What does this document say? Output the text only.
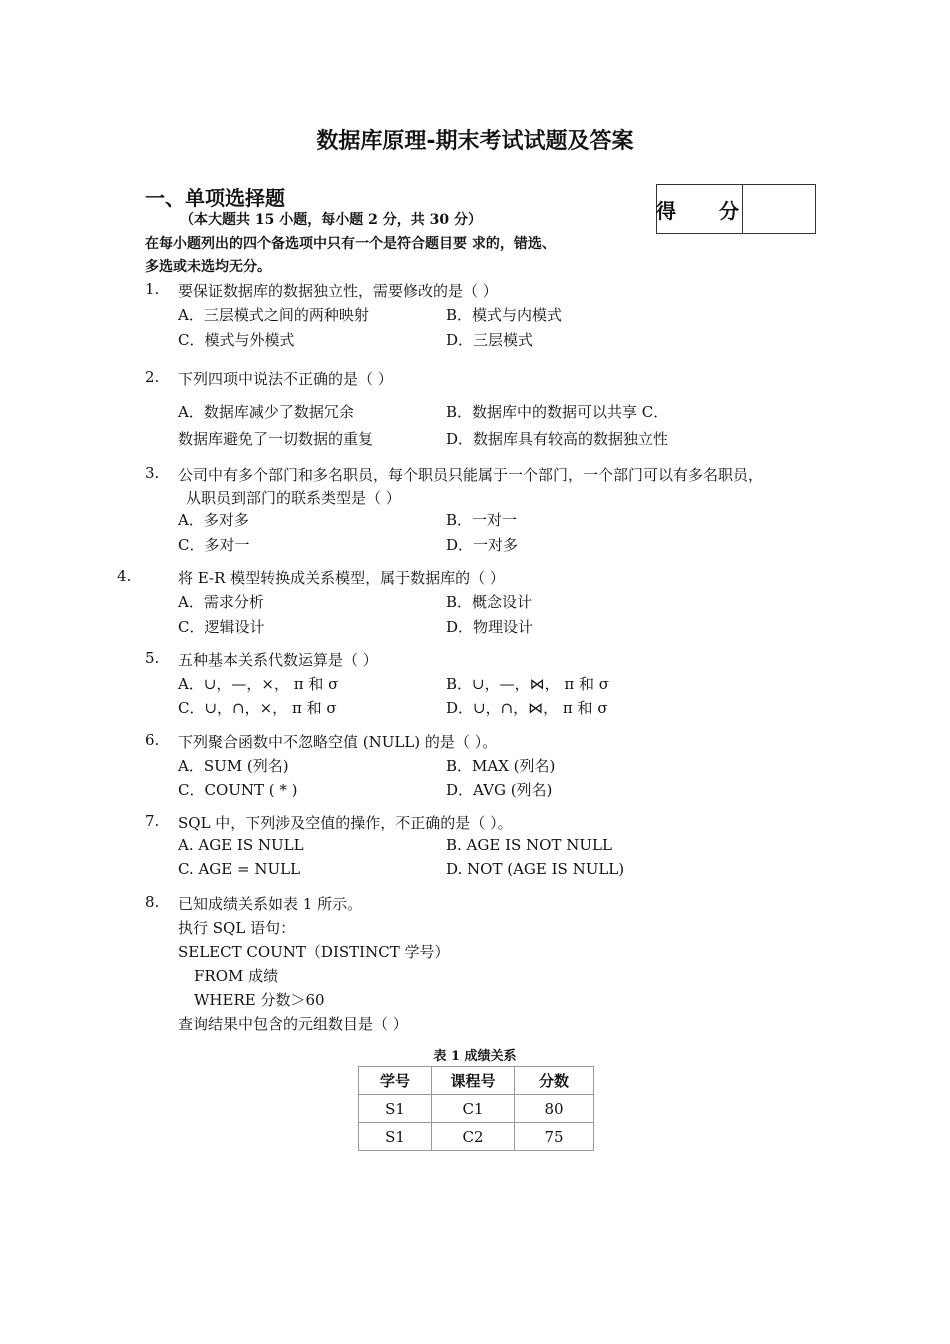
数据库原理-期末考试试题及答案
一、单项选择题
（本大题共 15 小题，每小题 2 分，共 30 分）
在每小题列出的四个备选项中只有一个是符合题目要 求的，错选、
多选或未选均无分。
得 分
1. 要保证数据库的数据独立性，需要修改的是（ ）
A．三层模式之间的两种映射	B．模式与内模式
C．模式与外模式	D．三层模式
2. 下列四项中说法不正确的是（ ）
A．数据库减少了数据冗余	B．数据库中的数据可以共享 C．
数据库避免了一切数据的重复	D．数据库具有较高的数据独立性
3. 公司中有多个部门和多名职员，每个职员只能属于一个部门，一个部门可以有多名职员，
从职员到部门的联系类型是（ ）
A．多对多	B．一对一
C．多对一	D．一对多
4.	将 E-R 模型转换成关系模型，属于数据库的（ ）
A．需求分析	B．概念设计
C．逻辑设计	D．物理设计
5. 五种基本关系代数运算是（ ）
A．∪，—，×， π 和 σ	B．∪，—，⋈， π 和 σ
C．∪，∩，×， π 和 σ	D．∪，∩，⋈， π 和 σ
6. 下列聚合函数中不忽略空值 (NULL) 的是（ ）。
A．SUM (列名)	B．MAX (列名)
C．COUNT ( * )	D．AVG (列名)
7. SQL 中，下列涉及空值的操作，不正确的是（ ）。
A. AGE IS NULL	B. AGE IS NOT NULL
C. AGE = NULL	D. NOT (AGE IS NULL)
8. 已知成绩关系如表 1 所示。
执行 SQL 语句：
SELECT COUNT（DISTINCT 学号）
FROM 成绩
WHERE 分数＞60
查询结果中包含的元组数目是（ ）
表 1 成绩关系
学号	课程号	分数
S1	C1	80
S1	C2	75
